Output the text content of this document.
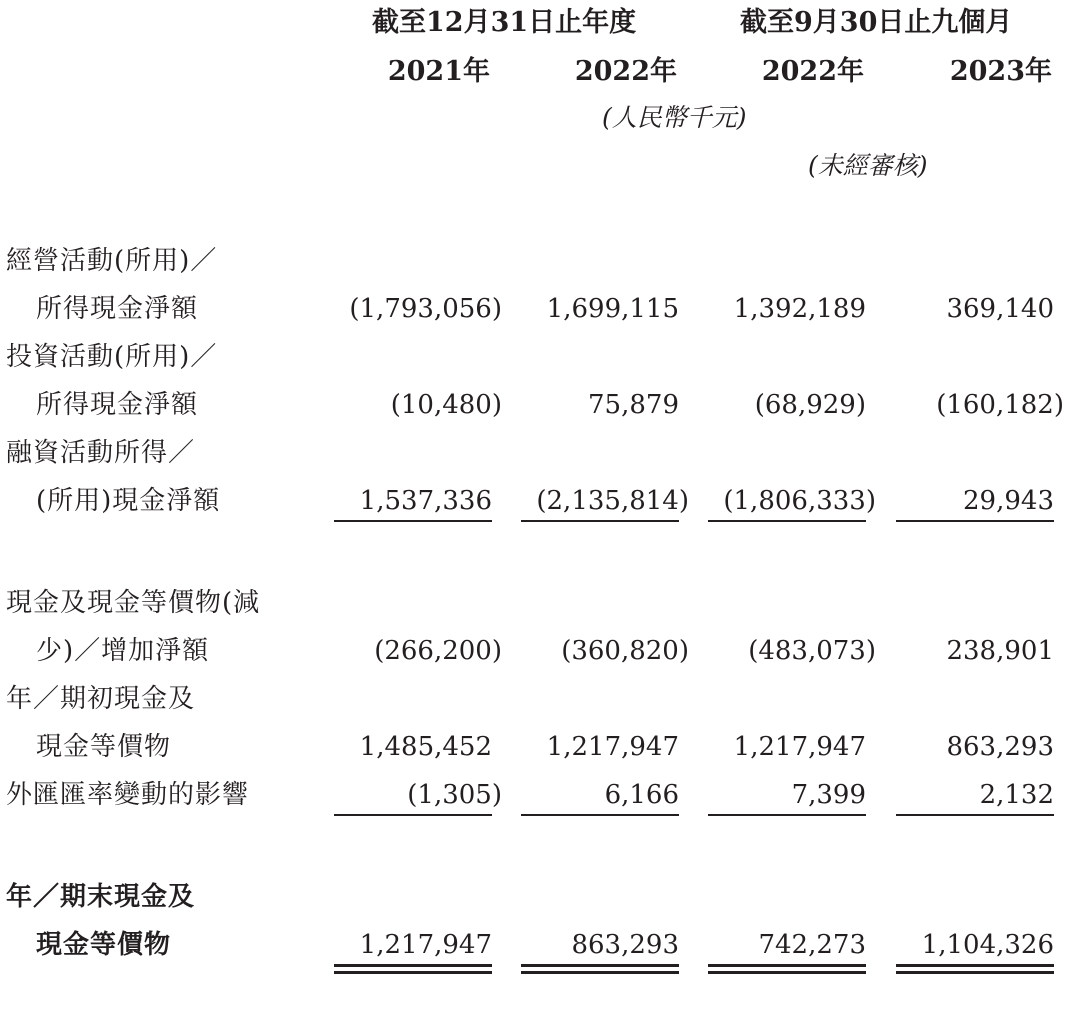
截至12月31日止年度	截至9月30日止九個月
2021年	2022年	2022年	2023年
(人民幣千元)
(未經審核)
經營活動(所用)／
所得現金淨額	(1,793,056) 1,699,115 1,392,189	369,140
投資活動(所用)／
所得現金淨額	(10,480)	75,879	(68,929)	(160,182)
融資活動所得／
(所用)現金淨額	1,537,336 (2,135,814) (1,806,333)	29,943
現金及現金等價物(減
少)／增加淨額	(266,200) (360,820) (483,073)	238,901
年／期初現金及
現金等價物	1,485,452 1,217,947 1,217,947	863,293
外匯匯率變動的影響	(1,305)	6,166	7,399	2,132
年／期末現金及
現金等價物	1,217,947	863,293	742,273 1,104,326
